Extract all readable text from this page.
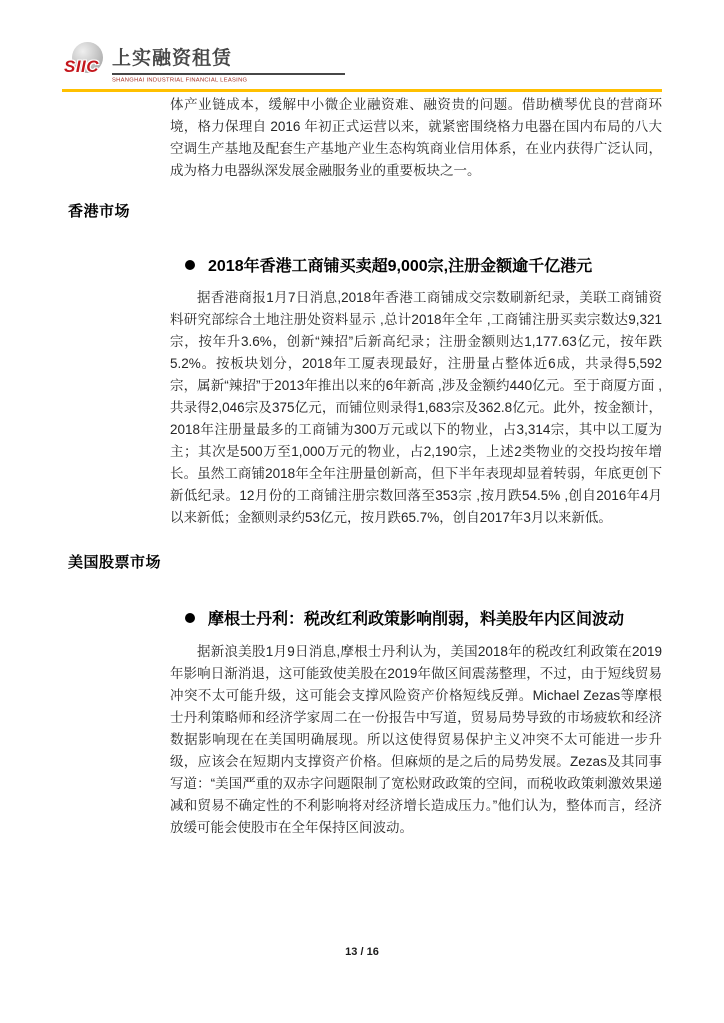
SIIC 上实融资租赁
SHANGHAI INDUSTRIAL FINANCIAL LEASING

体产业链成本，缓解中小微企业融资难、融资贵的问题。借助横琴优良的营商环境，格力保理自 2016 年初正式运营以来，就紧密围绕格力电器在国内布局的八大空调生产基地及配套生产基地产业生态构筑商业信用体系，在业内获得广泛认同，成为格力电器纵深发展金融服务业的重要板块之一。

香港市场
2018年香港工商铺买卖超9,000宗,注册金额逾千亿港元

据香港商报1月7日消息,2018年香港工商铺成交宗数刷新纪录，美联工商铺资料研究部综合土地注册处资料显示 ,总计2018年全年 ,工商铺注册买卖宗数达9,321宗，按年升3.6%，创新“辣招”后新高纪录；注册金额则达1,177.63亿元，按年跌5.2%。按板块划分，2018年工厦表现最好，注册量占整体近6成，共录得5,592宗，属新“辣招”于2013年推出以来的6年新高 ,涉及金额约440亿元。至于商厦方面 ,共录得2,046宗及375亿元，而铺位则录得1,683宗及362.8亿元。此外，按金额计，2018年注册量最多的工商铺为300万元或以下的物业，占3,314宗，其中以工厦为主；其次是500万至1,000万元的物业，占2,190宗，上述2类物业的交投均按年增长。虽然工商铺2018年全年注册量创新高，但下半年表现却显着转弱，年底更创下新低纪录。12月份的工商铺注册宗数回落至353宗 ,按月跌54.5% ,创自2016年4月以来新低；金额则录约53亿元，按月跌65.7%，创自2017年3月以来新低。

美国股票市场
摩根士丹利：税改红利政策影响削弱，料美股年内区间波动

据新浪美股1月9日消息,摩根士丹利认为，美国2018年的税改红利政策在2019年影响日渐消退，这可能致使美股在2019年做区间震荡整理，不过，由于短线贸易冲突不太可能升级，这可能会支撑风险资产价格短线反弹。Michael Zezas等摩根士丹利策略师和经济学家周二在一份报告中写道，贸易局势导致的市场疲软和经济数据影响现在在美国明确展现。所以这使得贸易保护主义冲突不太可能进一步升级，应该会在短期内支撑资产价格。但麻烦的是之后的局势发展。Zezas及其同事写道：“美国严重的双赤字问题限制了宽松财政政策的空间，而税收政策刺激效果递减和贸易不确定性的不利影响将对经济增长造成压力。”他们认为，整体而言，经济放缓可能会使股市在全年保持区间波动。

13 / 16
